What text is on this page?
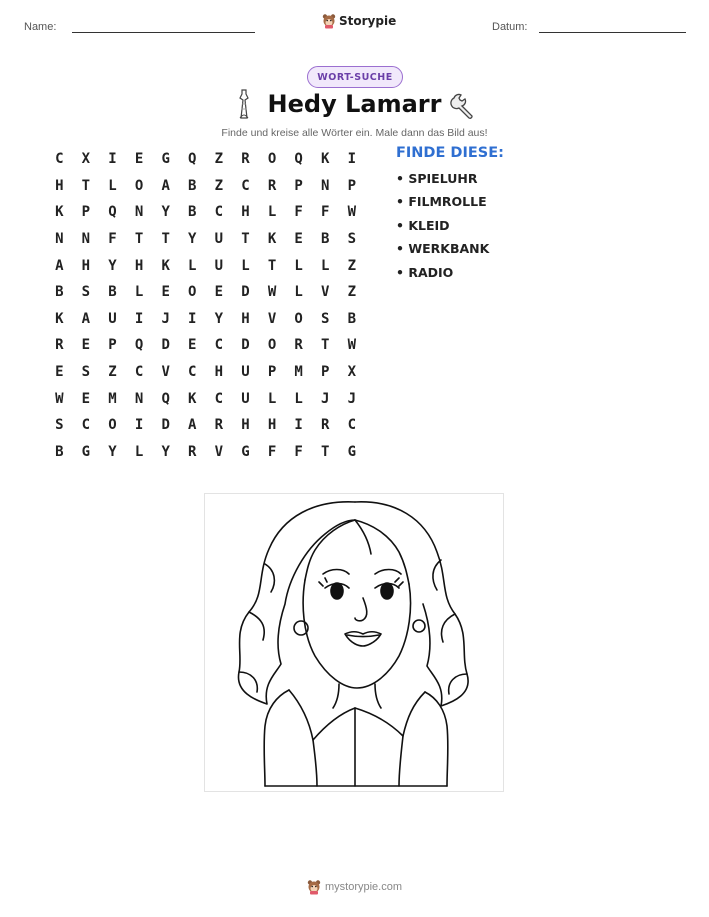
Name:	Storypie	Datum:
WORT-SUCHE
Hedy Lamarr
Finde und kreise alle Wörter ein. Male dann das Bild aus!
C	X	I	E	G	Q	Z	R	O	Q	K	I
H	T	L	O	A	B	Z	C	R	P	N	P
K	P	Q	N	Y	B	C	H	L	F	F	W
N	N	F	T	T	Y	U	T	K	E	B	S
A	H	Y	H	K	L	U	L	T	L	L	Z
B	S	B	L	E	O	E	D	W	L	V	Z
K	A	U	I	J	I	Y	H	V	O	S	B
R	E	P	Q	D	E	C	D	O	R	T	W
E	S	Z	C	V	C	H	U	P	M	P	X
W	E	M	N	Q	K	C	U	L	L	J	J
S	C	O	I	D	A	R	H	H	I	R	C
B	G	Y	L	Y	R	V	G	F	F	T	G
FINDE DIESE:
• SPIELUHR
• FILMROLLE
• KLEID
• WERKBANK
• RADIO
mystorypie.com
